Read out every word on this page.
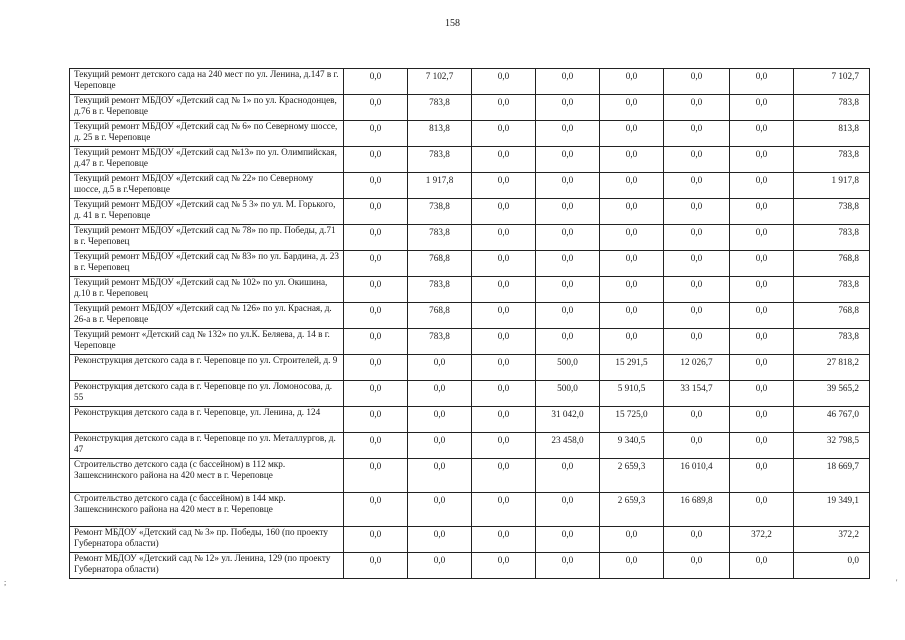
158
;	'
Текущий ремонт детского сада на 240 мест по ул. Ленина, д.147 в г. Череповце	0,0	7 102,7	0,0	0,0	0,0	0,0	0,0	7 102,7
Текущий ремонт МБДОУ «Детский сад № 1» по ул. Краснодонцев, д.76 в г. Череповце	0,0	783,8	0,0	0,0	0,0	0,0	0,0	783,8
Текущий ремонт МБДОУ «Детский сад № 6» по Северному шоссе, д. 25 в г. Череповце	0,0	813,8	0,0	0,0	0,0	0,0	0,0	813,8
Текущий ремонт МБДОУ «Детский сад №13» по ул. Олимпийская, д.47 в г. Череповце	0,0	783,8	0,0	0,0	0,0	0,0	0,0	783,8
Текущий ремонт МБДОУ «Детский сад № 22» по Северному шоссе, д.5 в г.Череповце	0,0	1 917,8	0,0	0,0	0,0	0,0	0,0	1 917,8
Текущий ремонт МБДОУ «Детский сад № 5 3» по ул. М. Горького, д. 41 в г. Череповце	0,0	738,8	0,0	0,0	0,0	0,0	0,0	738,8
Текущий ремонт МБДОУ «Детский сад № 78» по пр. Победы, д.71 в г. Череповец	0,0	783,8	0,0	0,0	0,0	0,0	0,0	783,8
Текущий ремонт МБДОУ «Детский сад № 83» по ул. Бардина, д. 23 в г. Череповец	0,0	768,8	0,0	0,0	0,0	0,0	0,0	768,8
Текущий ремонт МБДОУ «Детский сад № 102» по ул. Окишина, д.10 в г. Череповец	0,0	783,8	0,0	0,0	0,0	0,0	0,0	783,8
Текущий ремонт МБДОУ «Детский сад № 126» по ул. Красная, д. 26-а в г. Череповце	0,0	768,8	0,0	0,0	0,0	0,0	0,0	768,8
Текущий ремонт «Детский сад № 132» по ул.К. Беляева, д. 14 в г. Череповце	0,0	783,8	0,0	0,0	0,0	0,0	0,0	783,8
Реконструкция детского сада в г. Череповце по ул. Строителей, д. 9	0,0	0,0	0,0	500,0	15 291,5	12 026,7	0,0	27 818,2
Реконструкция детского сада в г. Череповце по ул. Ломоносова, д. 55	0,0	0,0	0,0	500,0	5 910,5	33 154,7	0,0	39 565,2
Реконструкция детского сада в г. Череповце, ул. Ленина, д. 124	0,0	0,0	0,0	31 042,0	15 725,0	0,0	0,0	46 767,0
Реконструкция детского сада в г. Череповце по ул. Металлургов, д. 47	0,0	0,0	0,0	23 458,0	9 340,5	0,0	0,0	32 798,5
Строительство детского сада (с бассейном) в 112 мкр. Зашекснинского района на 420 мест в г. Череповце	0,0	0,0	0,0	0,0	2 659,3	16 010,4	0,0	18 669,7
Строительство детского сада (с бассейном) в 144 мкр. Зашекснинского района на 420 мест в г. Череповце	0,0	0,0	0,0	0,0	2 659,3	16 689,8	0,0	19 349,1
Ремонт МБДОУ «Детский сад № 3» пр. Победы, 160 (по проекту Губернатора области)	0,0	0,0	0,0	0,0	0,0	0,0	372,2	372,2
Ремонт МБДОУ «Детский сад № 12» ул. Ленина, 129 (по проекту Губернатора области)	0,0	0,0	0,0	0,0	0,0	0,0	0,0	0,0
